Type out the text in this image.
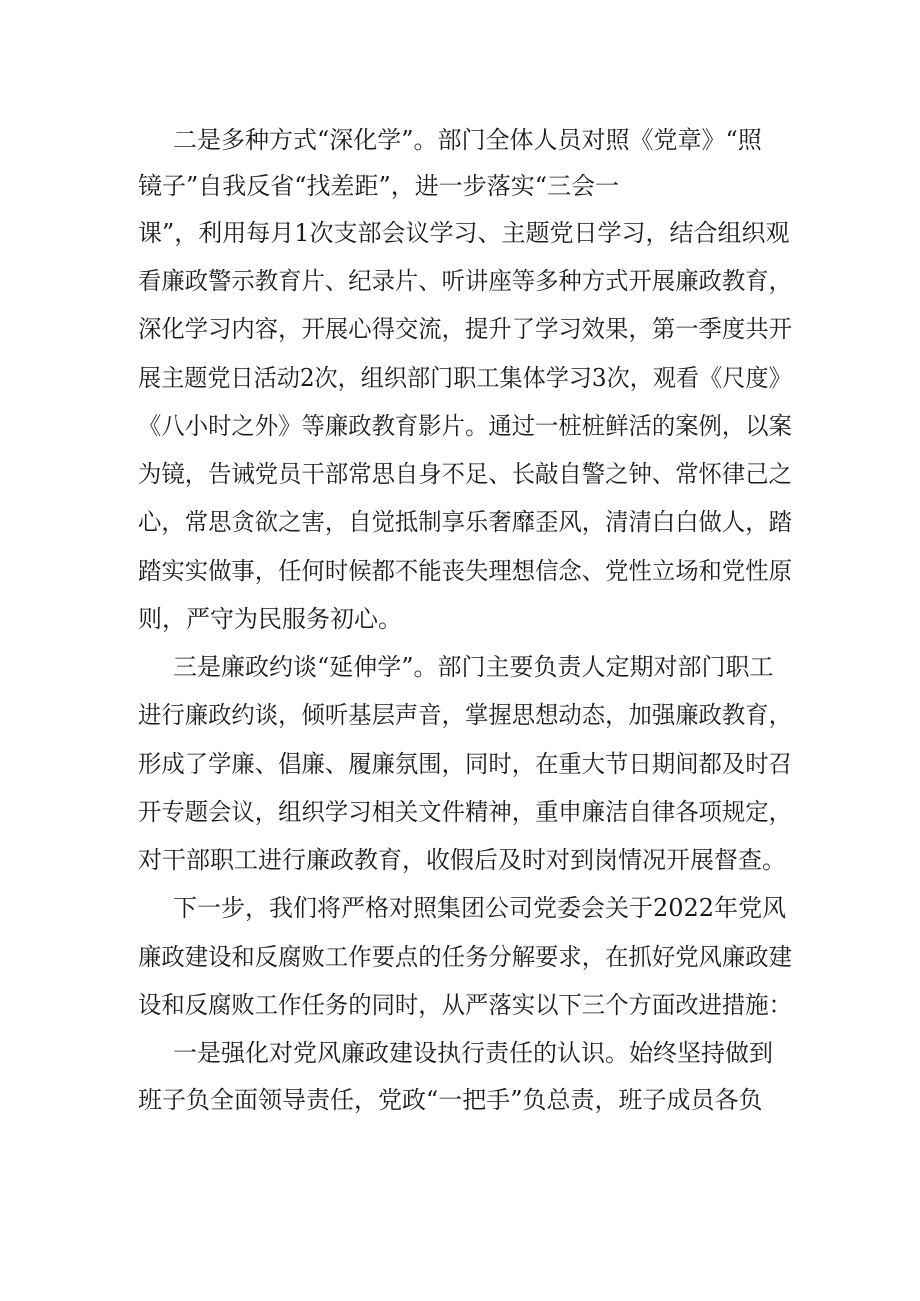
二是多种方式“深化学”。部门全体人员对照《党章》“照
镜子”自我反省“找差距”，进一步落实“三会一
课”，利用每月1次支部会议学习、主题党日学习，结合组织观
看廉政警示教育片、纪录片、听讲座等多种方式开展廉政教育，
深化学习内容，开展心得交流，提升了学习效果，第一季度共开
展主题党日活动2次，组织部门职工集体学习3次，观看《尺度》
《八小时之外》等廉政教育影片。通过一桩桩鲜活的案例，以案
为镜，告诫党员干部常思自身不足、长敲自警之钟、常怀律己之
心，常思贪欲之害，自觉抵制享乐奢靡歪风，清清白白做人，踏
踏实实做事，任何时候都不能丧失理想信念、党性立场和党性原
则，严守为民服务初心。
三是廉政约谈“延伸学”。部门主要负责人定期对部门职工
进行廉政约谈，倾听基层声音，掌握思想动态，加强廉政教育，
形成了学廉、倡廉、履廉氛围，同时，在重大节日期间都及时召
开专题会议，组织学习相关文件精神，重申廉洁自律各项规定，
对干部职工进行廉政教育，收假后及时对到岗情况开展督查。
下一步，我们将严格对照集团公司党委会关于2022年党风
廉政建设和反腐败工作要点的任务分解要求，在抓好党风廉政建
设和反腐败工作任务的同时，从严落实以下三个方面改进措施：
一是强化对党风廉政建设执行责任的认识。始终坚持做到
班子负全面领导责任，党政“一把手”负总责，班子成员各负
